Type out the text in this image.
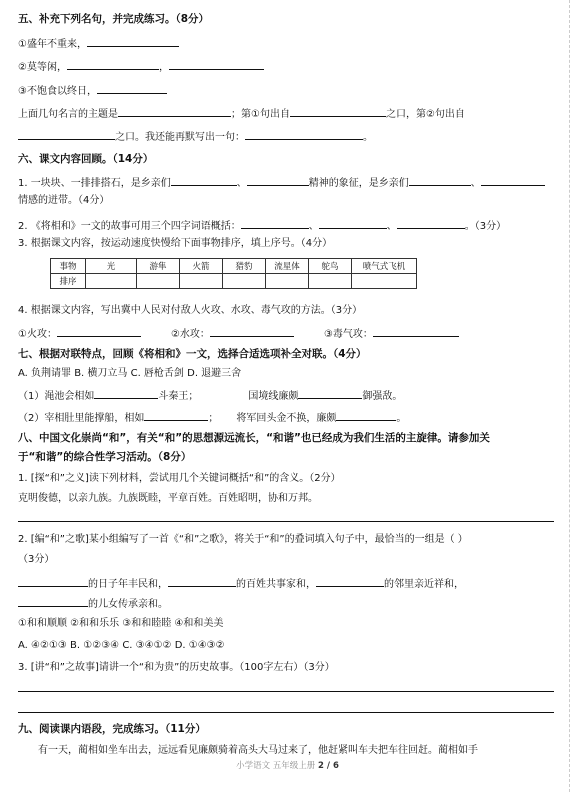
五、补充下列名句，并完成练习。（8分）
①盛年不重来，
②莫等闲，	，
③不饱食以终日，
上面几句名言的主题是	；第①句出自	之口，第②句出自
之口。我还能再默写出一句：	。
六、课文内容回顾。（14分）
1. 一块块、一排排搭石，是乡亲们	、	精神的象征，是乡亲们	、
情感的迸带。（4分）
2. 《将相和》一文的故事可用三个四字词语概括：	、	、	。（3分）
3. 根据课文内容，按运动速度快慢给下面事物排序，填上序号。（4分）
事物	光	游隼	火箭	猎豹	流星体	鸵鸟	喷气式飞机
排序							
4. 根据课文内容，写出冀中人民对付敌人火攻、水攻、毒气攻的方法。（3分）
①火攻：	②水攻：	③毒气攻：
七、根据对联特点，回顾《将相和》一文，选择合适选项补全对联。（4分）
A. 负荆请罪 B. 横刀立马 C. 唇枪舌剑 D. 退避三舍
（1）渑池会相如	斗秦王；	国境线廉颇	御强敌。
（2）宰相肚里能撑船，相如	； 将军回头金不换，廉颇	。
八、中国文化崇尚“和”，有关“和”的思想源远流长，“和谐”也已经成为我们生活的主旋律。请参加关
于“和谐”的综合性学习活动。（8分）
1. [探“和”之义]读下列材料，尝试用几个关键词概括“和”的含义。（2分）
克明俊德，以亲九族。九族既睦，平章百姓。百姓昭明，协和万邦。
2. [编“和”之歌]某小组编写了一首《“和”之歌》，将关于“和”的叠词填入句子中，最恰当的一组是（ ）
（3分）
的日子年丰民和，	的百姓共事家和，	的邻里亲近祥和，
的儿女传承亲和。
①和和顺顺 ②和和乐乐 ③和和睦睦 ④和和美美
A. ④②①③ B. ①②③④ C. ③④①② D. ①④③②
3. [讲“和”之故事]请讲一个“和为贵”的历史故事。（100字左右）（3分）
九、阅读课内语段，完成练习。（11分）
有一天，蔺相如坐车出去，远远看见廉颇骑着高头大马过来了，他赶紧叫车夫把车往回赶。蔺相如手
小学语文 五年级上册 2 / 6
